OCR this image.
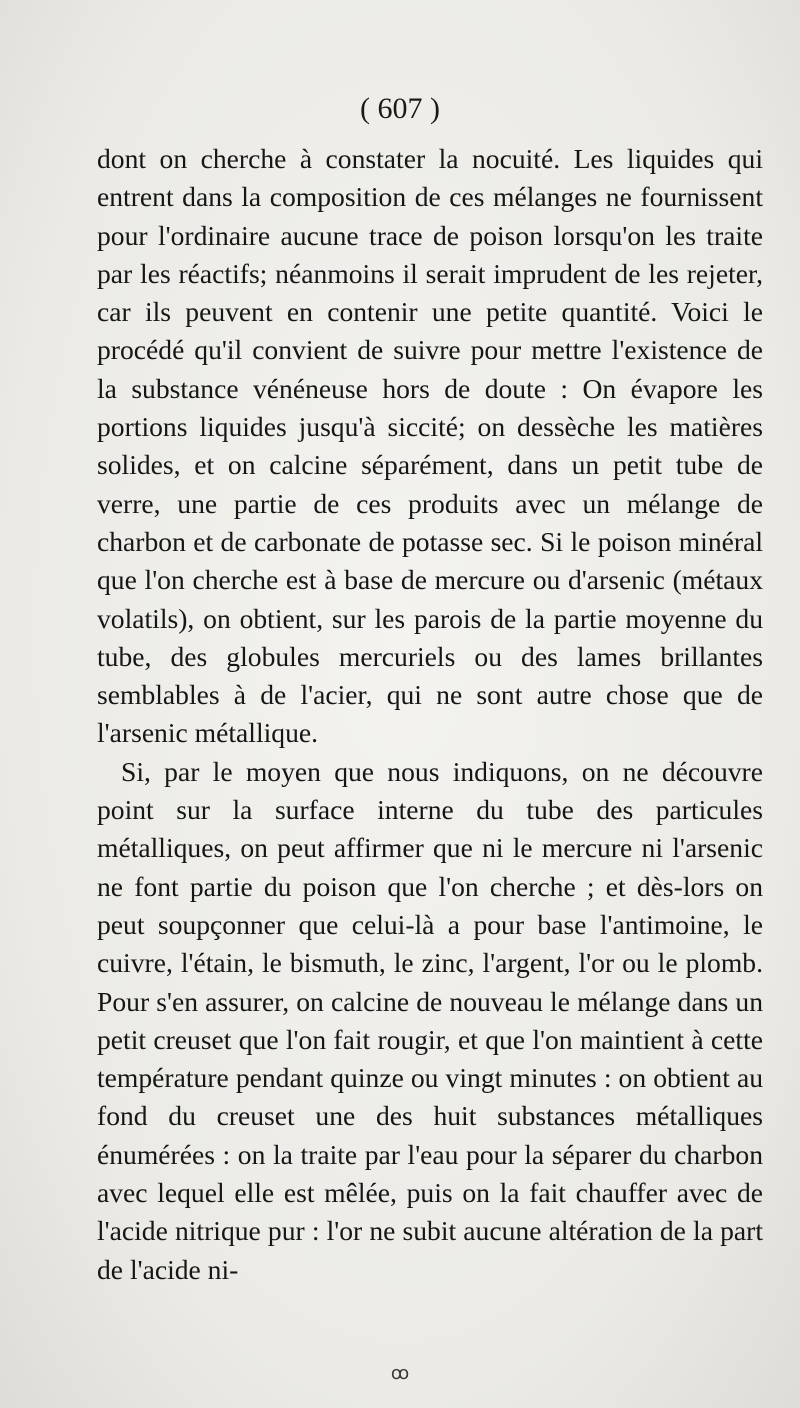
( 607 )

dont on cherche à constater la nocuité. Les liquides qui entrent dans la composition de ces mélanges ne fournissent pour l'ordinaire aucune trace de poison lorsqu'on les traite par les réactifs; néanmoins il serait imprudent de les rejeter, car ils peuvent en contenir une petite quantité. Voici le procédé qu'il convient de suivre pour mettre l'existence de la substance vénéneuse hors de doute : On évapore les portions liquides jusqu'à siccité; on dessèche les matières solides, et on calcine séparément, dans un petit tube de verre, une partie de ces produits avec un mélange de charbon et de carbonate de potasse sec. Si le poison minéral que l'on cherche est à base de mercure ou d'arsenic (métaux volatils), on obtient, sur les parois de la partie moyenne du tube, des globules mercuriels ou des lames brillantes semblables à de l'acier, qui ne sont autre chose que de l'arsenic métallique.

Si, par le moyen que nous indiquons, on ne découvre point sur la surface interne du tube des particules métalliques, on peut affirmer que ni le mercure ni l'arsenic ne font partie du poison que l'on cherche ; et dès-lors on peut soupçonner que celui-là a pour base l'antimoine, le cuivre, l'étain, le bismuth, le zinc, l'argent, l'or ou le plomb. Pour s'en assurer, on calcine de nouveau le mélange dans un petit creuset que l'on fait rougir, et que l'on maintient à cette température pendant quinze ou vingt minutes : on obtient au fond du creuset une des huit substances métalliques énumérées : on la traite par l'eau pour la séparer du charbon avec lequel elle est mêlée, puis on la fait chauffer avec de l'acide nitrique pur : l'or ne subit aucune altération de la part de l'acide ni-

ꝏ
